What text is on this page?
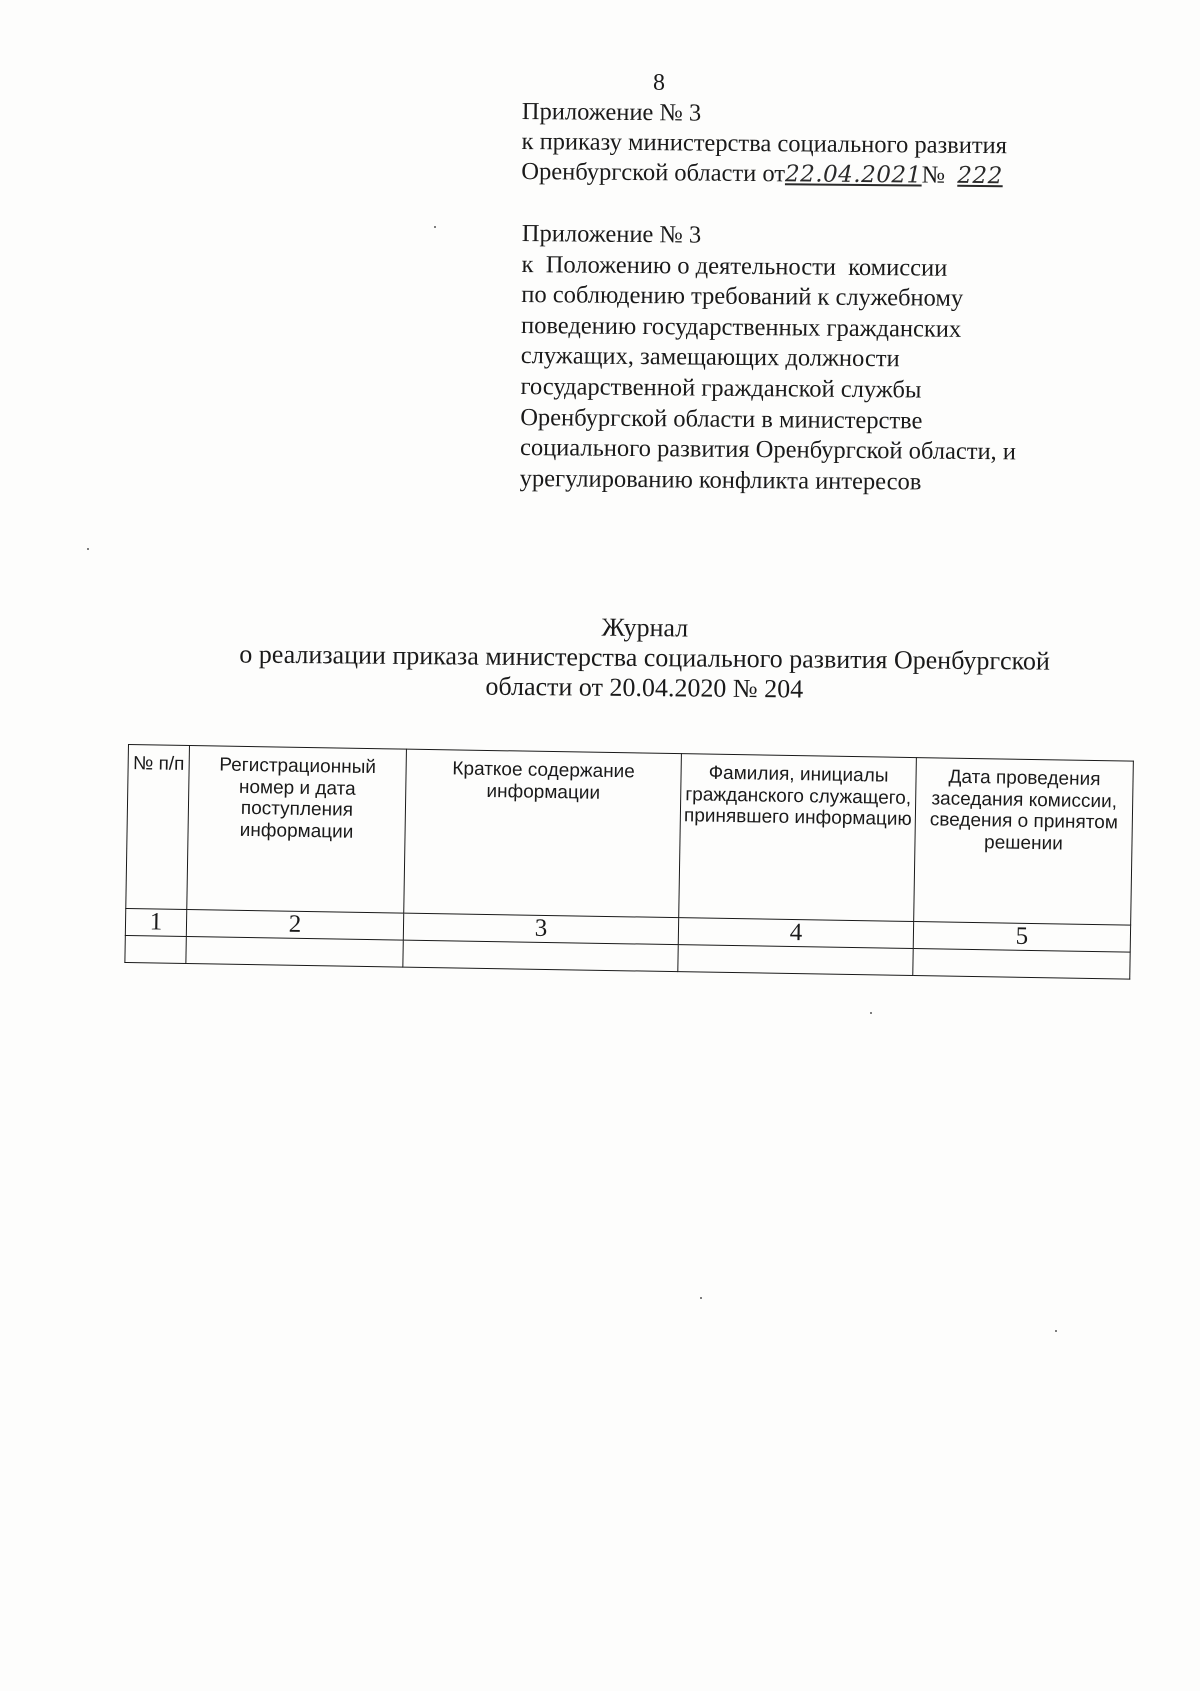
8
Приложение № 3
к приказу министерства социального развития
Оренбургской области от22.04.2021№ 222
Приложение № 3
к  Положению о деятельности  комиссии
по соблюдению требований к служебному
поведению государственных гражданских
служащих, замещающих должности
государственной гражданской службы
Оренбургской области в министерстве
социального развития Оренбургской области, и
урегулированию конфликта интересов
Журнал
о реализации приказа министерства социального развития Оренбургской
области от 20.04.2020 № 204
№ п/п	Регистрационный номер и дата поступления информации	Краткое содержание информации	Фамилия, инициалы гражданского служащего, принявшего информацию	Дата проведения заседания комиссии, сведения о принятом решении
1	2	3	4	5
